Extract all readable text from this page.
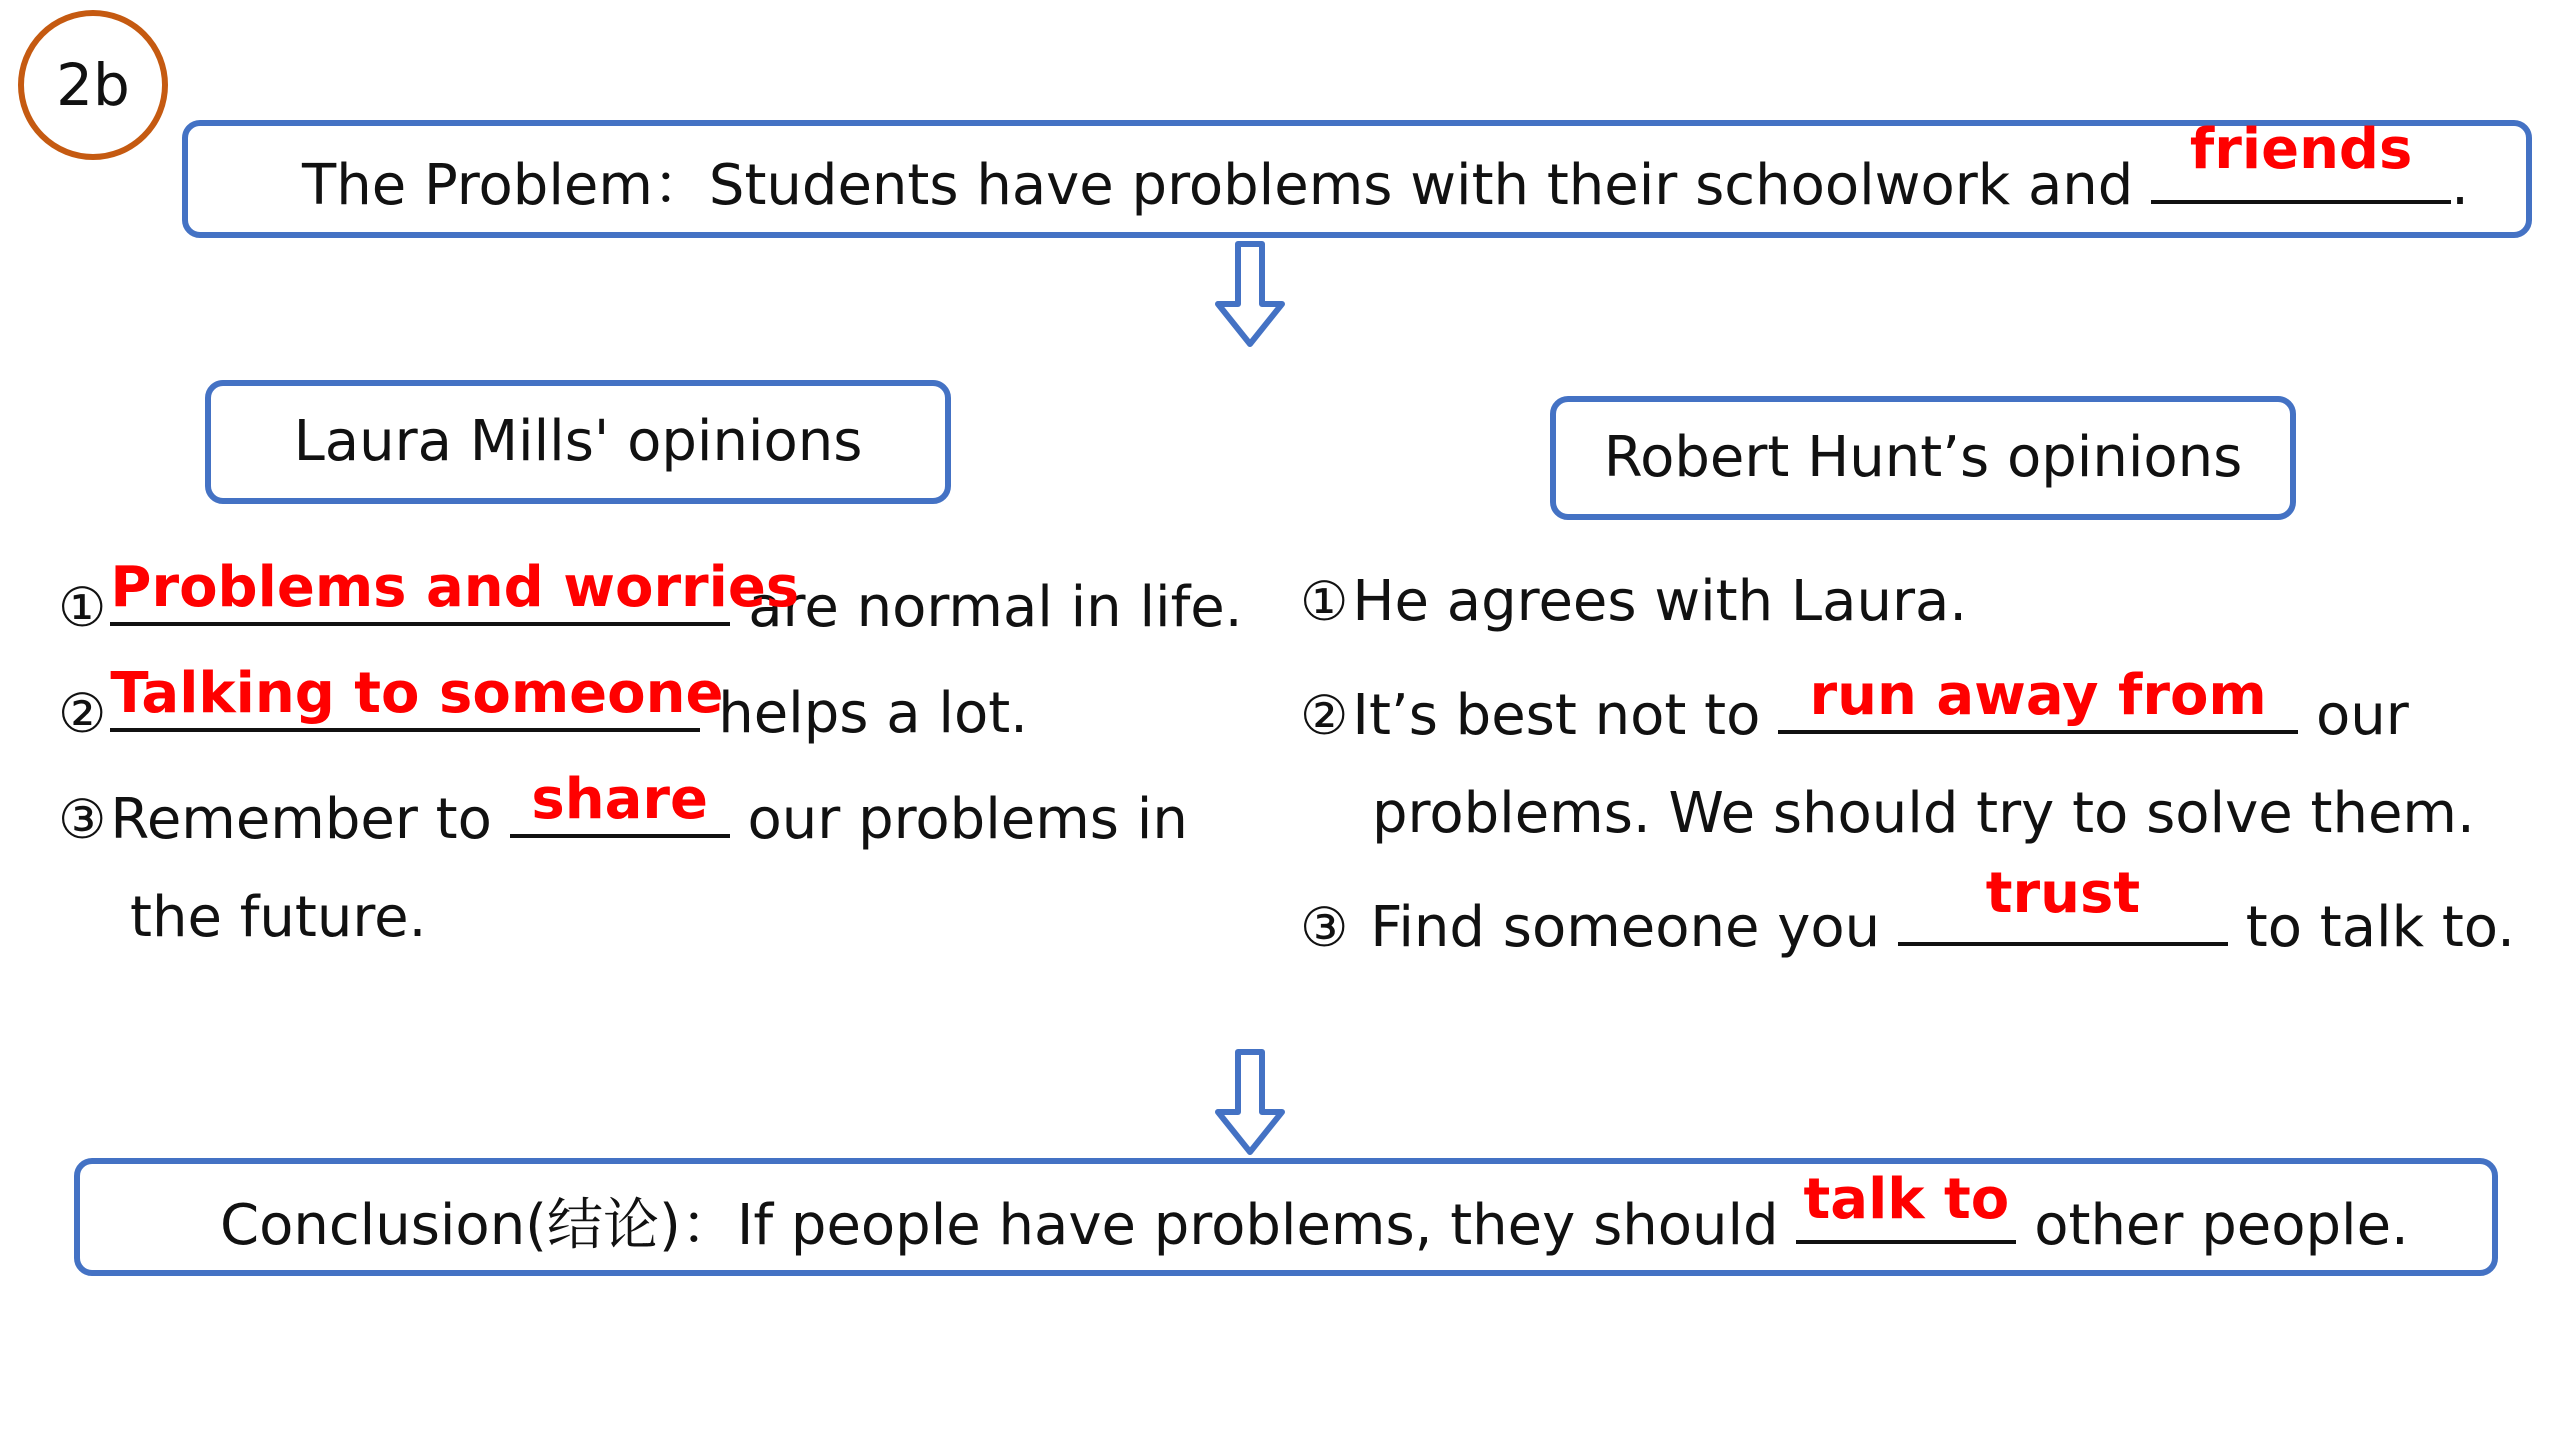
2b
The Problem：Students have problems with their schoolwork and
friends
.
Laura Mills' opinions	Robert Hunt’s opinions
① Problems and worries
are normal in life.
② Talking to someone
helps a lot.
③Remember to share our problems in
the future.
①He agrees with Laura.
②It’s best not to run away from our
problems. We should try to solve them.
③ Find someone you
trust
to talk to.
Conclusion(结论)：If people have problems, they should talk to other people.
